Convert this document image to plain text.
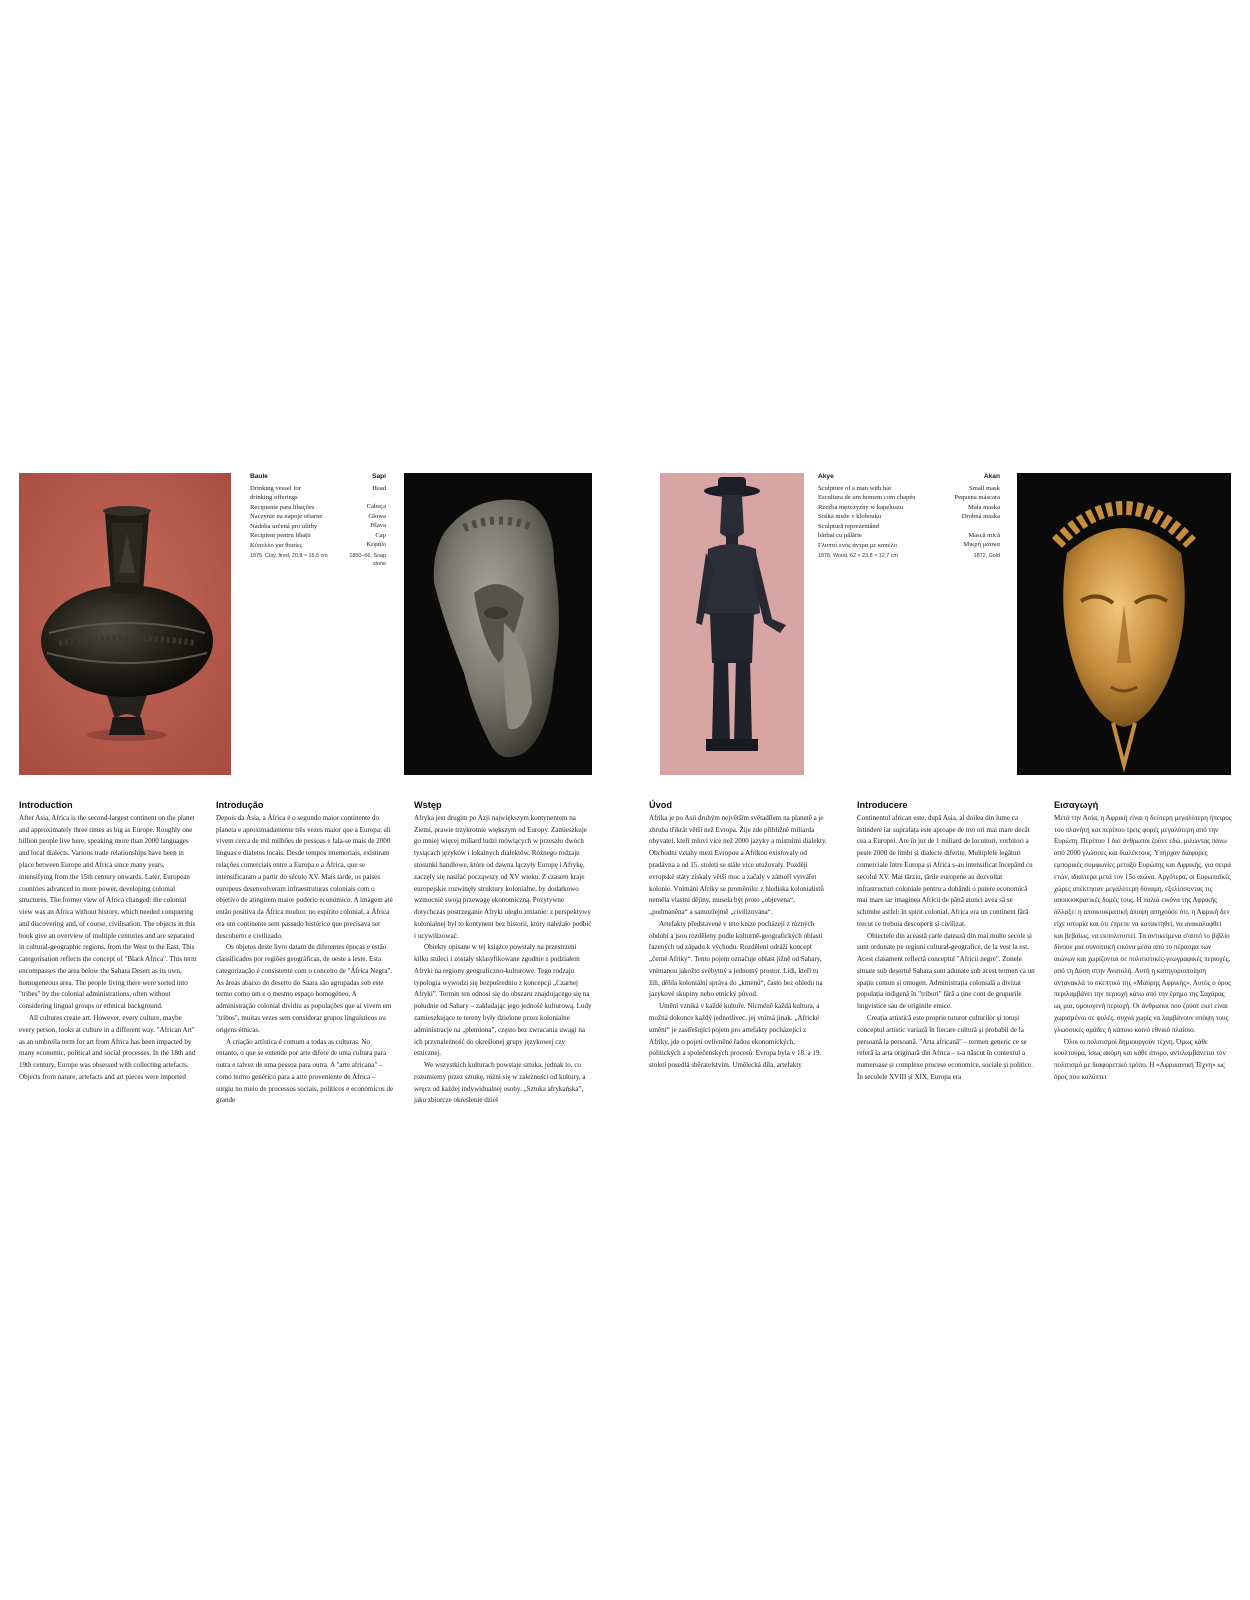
Baule
Drinking vessel for drinking offerings
Recipiente para libações
Naczynie na napoje ofiarne
Nádoba určená pro úlitby
Recipient pentru libații
Κύπελλο για θυσίες
1875, Clay, fired, 20,8 × 16,5 cm
Sapi
Head
Cabeça
Głowa
Hlava
Cap
Κεφάλι
1850–66, Soap stone
Akye
Sculpture of a man with hat
Escultura de um homem com chapéu
Rzeźba mężczyzny w kapeluszu
Soška muže v klobouku
Sculptură reprezentând bărbat cu pălărie
Γλυπτό ενός άντρα με καπέλο
1878, Wood, 62 × 23,8 × 12,7 cm
Akan
Small mask
Pequena máscara
Mała maska
Drobná maska
Mască mică
Μικρή μάσκα
1872, Gold
Introduction

After Asia, Africa is the second-largest continent on the planet and approximately three times as big as Europe. Roughly one billion people live here, speaking more than 2000 languages and local dialects. Various trade relationships have been in place between Europe and Africa since many years, intensifying from the 15th century onwards. Later, European countries advanced to more power, developing colonial structures. The former view of Africa changed: the colonial view was an Africa without history, which needed conquering and discovering and, of course, civilisation. The objects in this book give an overview of multiple centuries and are separated in cultural-geographic regions, from the West to the East. This categorisation reflects the concept of "Black Africa". This term encompasses the area below the Sahara Desert as its own, homogeneous area. The people living there were sorted into "tribes" by the colonial administrations, often without considering lingual groups or ethnical background.

All cultures create art. However, every culture, maybe every person, looks at culture in a different way. "African Art" as an umbrella term for art from Africa has been impacted by many economic, political and social processes. In the 18th and 19th century, Europe was obsessed with collecting artefacts. Objects from nature, artefacts and art pieces were imported

Introdução

Depois da Ásia, a África é o segundo maior continente do planeta e aproximadamente três vezes maior que a Europa; ali vivem cerca de mil milhões de pessoas e fala-se mais de 2000 línguas e dialetos locais. Desde tempos imemoriais, existiram relações comerciais entre a Europa e a África, que se intensificaram a partir do século XV. Mais tarde, os países europeus desenvolveram infraestruturas coloniais com o objetivo de atingirem maior poderio económico. A imagem até então positiva da África mudou: no espírito colonial, a África era um continente sem passado histórico que precisava ser descoberto e civilizado.

Os objetos deste livro datam de diferentes épocas e estão classificados por regiões geográficas, de oeste a leste. Esta categorização é consistente com o conceito de "África Negra". As áreas abaixo do deserto do Saara são agrupadas sob este termo como um e o mesmo espaço homogéneo. A administração colonial dividiu as populações que aí vivem em "tribos", muitas vezes sem considerar grupos linguísticos ou origens étnicas.

A criação artística é comum a todas as culturas. No entanto, o que se entende por arte difere de uma cultura para outra e talvez de uma pessoa para outra. A "arte africana" – como termo genérico para a arte proveniente de África – surgiu no meio de processos sociais, políticos e económicos de grande

Wstęp

Afryka jest drugim po Azji największym kontynentem na Ziemi, prawie trzykrotnie większym od Europy. Zamieszkuje go mniej więcej miliard ludzi mówiących w przeszło dwóch tysiącach języków i lokalnych dialektów. Różnego rodzaju stosunki handlowe, które od dawna łączyły Europę i Afrykę, zaczęły się nasilać począwszy od XV wieku. Z czasem kraje europejskie rozwinęły struktury kolonialne, by dodatkowo wzmocnić swoją przewagę ekonomiczną. Pozytywne dotychczas postrzeganie Afryki uległo zmianie: z perspektywy kolonialnej był to kontynent bez historii, który należało podbić i ucywilizować.

Obiekty opisane w tej książce powstały na przestrzeni kilku stuleci i zostały sklasyfikowane zgodnie z podziałem Afryki na regiony geograficzno-kulturowe. Tego rodzaju typologia wywodzi się bezpośrednio z koncepcji „Czarnej Afryki”. Termin ten odnosi się do obszaru znajdującego się na południe od Sahary – zakładając jego jedność kulturową. Ludy zamieszkujące te tereny były dzielone przez kolonialne administracje na „plemiona”, często bez zwracania uwagi na ich przynależność do określonej grupy językowej czy etnicznej.

We wszystkich kulturach powstaje sztuka, jednak to, co rozumiemy przez sztukę, różni się w zależności od kultury, a wręcz od każdej indywidualnej osoby. „Sztuka afrykańska”, jako zbiorcze określenie dzieł

Úvod

Afrika je po Asii druhým největším světadílem na planetě a je zhruba třikrát větší než Evropa. Žije zde přibližně miliarda obyvatel, kteří mluví více než 2000 jazyky a místními dialekty. Obchodní vztahy mezi Evropou a Afrikou existovaly od pradávna a od 15. století se stále více utužovaly. Později evropské státy získaly větší moc a začaly v zámoří vytvářet kolonie. Vnímání Afriky se proměnilo: z hlediska kolonialistů neměla vlastní dějiny, musela být proto „objevena“, „podmaněna“ a samozřejmě „civilizována“.

Artefakty představené v této knize pocházejí z různých období a jsou rozděleny podle kulturně-geografických oblastí řazených od západu k východu. Rozdělení odráží koncept „černé Afriky“. Tento pojem označuje oblast jižně od Sahary, vnímanou jakožto svébytný a jednotný prostor. Lidi, kteří tu žili, dělila koloniální správa do „kmenů“, často bez ohledu na jazykové skupiny nebo etnický původ.

Umění vzniká v každé kultuře. Nicméně každá kultura, a možná dokonce každý jednotlivec, jej vnímá jinak. „Africké umění“ je zastřešující pojem pro artefakty pocházející z Afriky, jde o pojetí ovlivněné řadou ekonomických, politických a společenských procesů. Evropa byla v 18. a 19. století posedlá sběratelstvím. Umělecká díla, artefakty

Introducere

Continentul african este, după Asia, al doilea din lume ca întindere iar suprafața este aproape de trei ori mai mare decât cea a Europei. Are în jur de 1 miliard de locuitori, vorbitori a peste 2000 de limbi și dialecte diferite. Multiplele legături comerciale între Europa și Africa s-au intensificat începând cu secolul XV. Mai târziu, țările europene au dezvoltat infrastructuri coloniale pentru a dobândi o putere economică mai mare iar imaginea Africii de până atunci avea să se schimbe astfel: în spirit colonial, Africa era un continent fără trecut ce trebuia descoperit și civilizat.

Obiectele din această carte datează din mai multe secole și sunt ordonate pe regiuni cultural-geografice, de la vest la est. Acest clasament reflectă conceptul "Africii negre". Zonele situate sub deșertul Sahara sunt adunate sub acest termen ca un spațiu comun și omogen. Administrația colonială a divizat populația indigenă în "triburi" fără a ține cont de grupurile lingvistice sau de originile etnice.

Creația artistică este proprie tuturor culturilor și totuși conceptul artistic variază în fiecare cultură și probabil de la persoană la persoană. "Arta africană" – termen generic ce se referă la arta originară din Africa – s-a născut în contextul a numeroase și complexe procese economice, sociale și politice. În secolele XVIII și XIX, Europa era

Εισαγωγή

Μετά την Ασία, η Αφρική είναι η δεύτερη μεγαλύτερη ήπειρος του πλανήτη και περίπου τρεις φορές μεγαλύτερη από την Ευρώπη. Περίπου 1 δισ άνθρωποι ζούνε εδώ, μιλώντας πάνω από 2000 γλώσσες και διαλέκτους. Υπήρχαν διάφορες εμπορικές συμφωνίες μεταξύ Ευρώπης και Αφρικής, για σειρά ετών, ιδιαίτερα μετά τον 15ο αιώνα. Αργότερα, οι Ευρωπαϊκές χώρες απέκτησαν μεγαλύτερη δύναμη, εξελίσσοντας τις αποικιοκρατικές δομές τους. Η παλιά εικόνα της Αφρικής άλλαξε: η αποικιοκρατική άποψη απηχούσε ότι, η Αφρική δεν είχε ιστορία και ότι έπρεπε να κατακτηθεί, να ανακαλυφθεί και βεβαίως, να εκπολιτιστεί. Τα αντικείμενα σ'αυτό το βιβλίο δίνουν μια συνοπτική εικόνα μέσα από το πέρασμα των αιώνων και χωρίζονται σε πολιτιστικές-γεωγραφικές περιοχές, από τη Δύση στην Ανατολή. Αυτή η κατηγοριοποίηση αντανακλά το σκεπτικό της «Μαύρης Αφρικής». Αυτός ο όρος περιλαμβάνει την περιοχή κάτω από την έρημο της Σαχάρας ως μια, ομοιογενή περιοχή. Οι άνθρωποι που ζούσε εκεί είναι χωρισμένοι σε φυλές, συχνά χωρίς να λαμβάνουν υπόψη τους γλωσσικές ομάδες ή κάποιο κοινό εθνικό πλαίσιο.

Όλοι οι πολιτισμοί δημιουργούν τέχνη. Όμως κάθε κουλτούρα, ίσως ακόμη και κάθε άτομο, αντιλαμβάνεται τον πολιτισμό με διαφορετικό τρόπο. Η «Αφρικανική Τέχνη» ως όρος που καλύπτει
